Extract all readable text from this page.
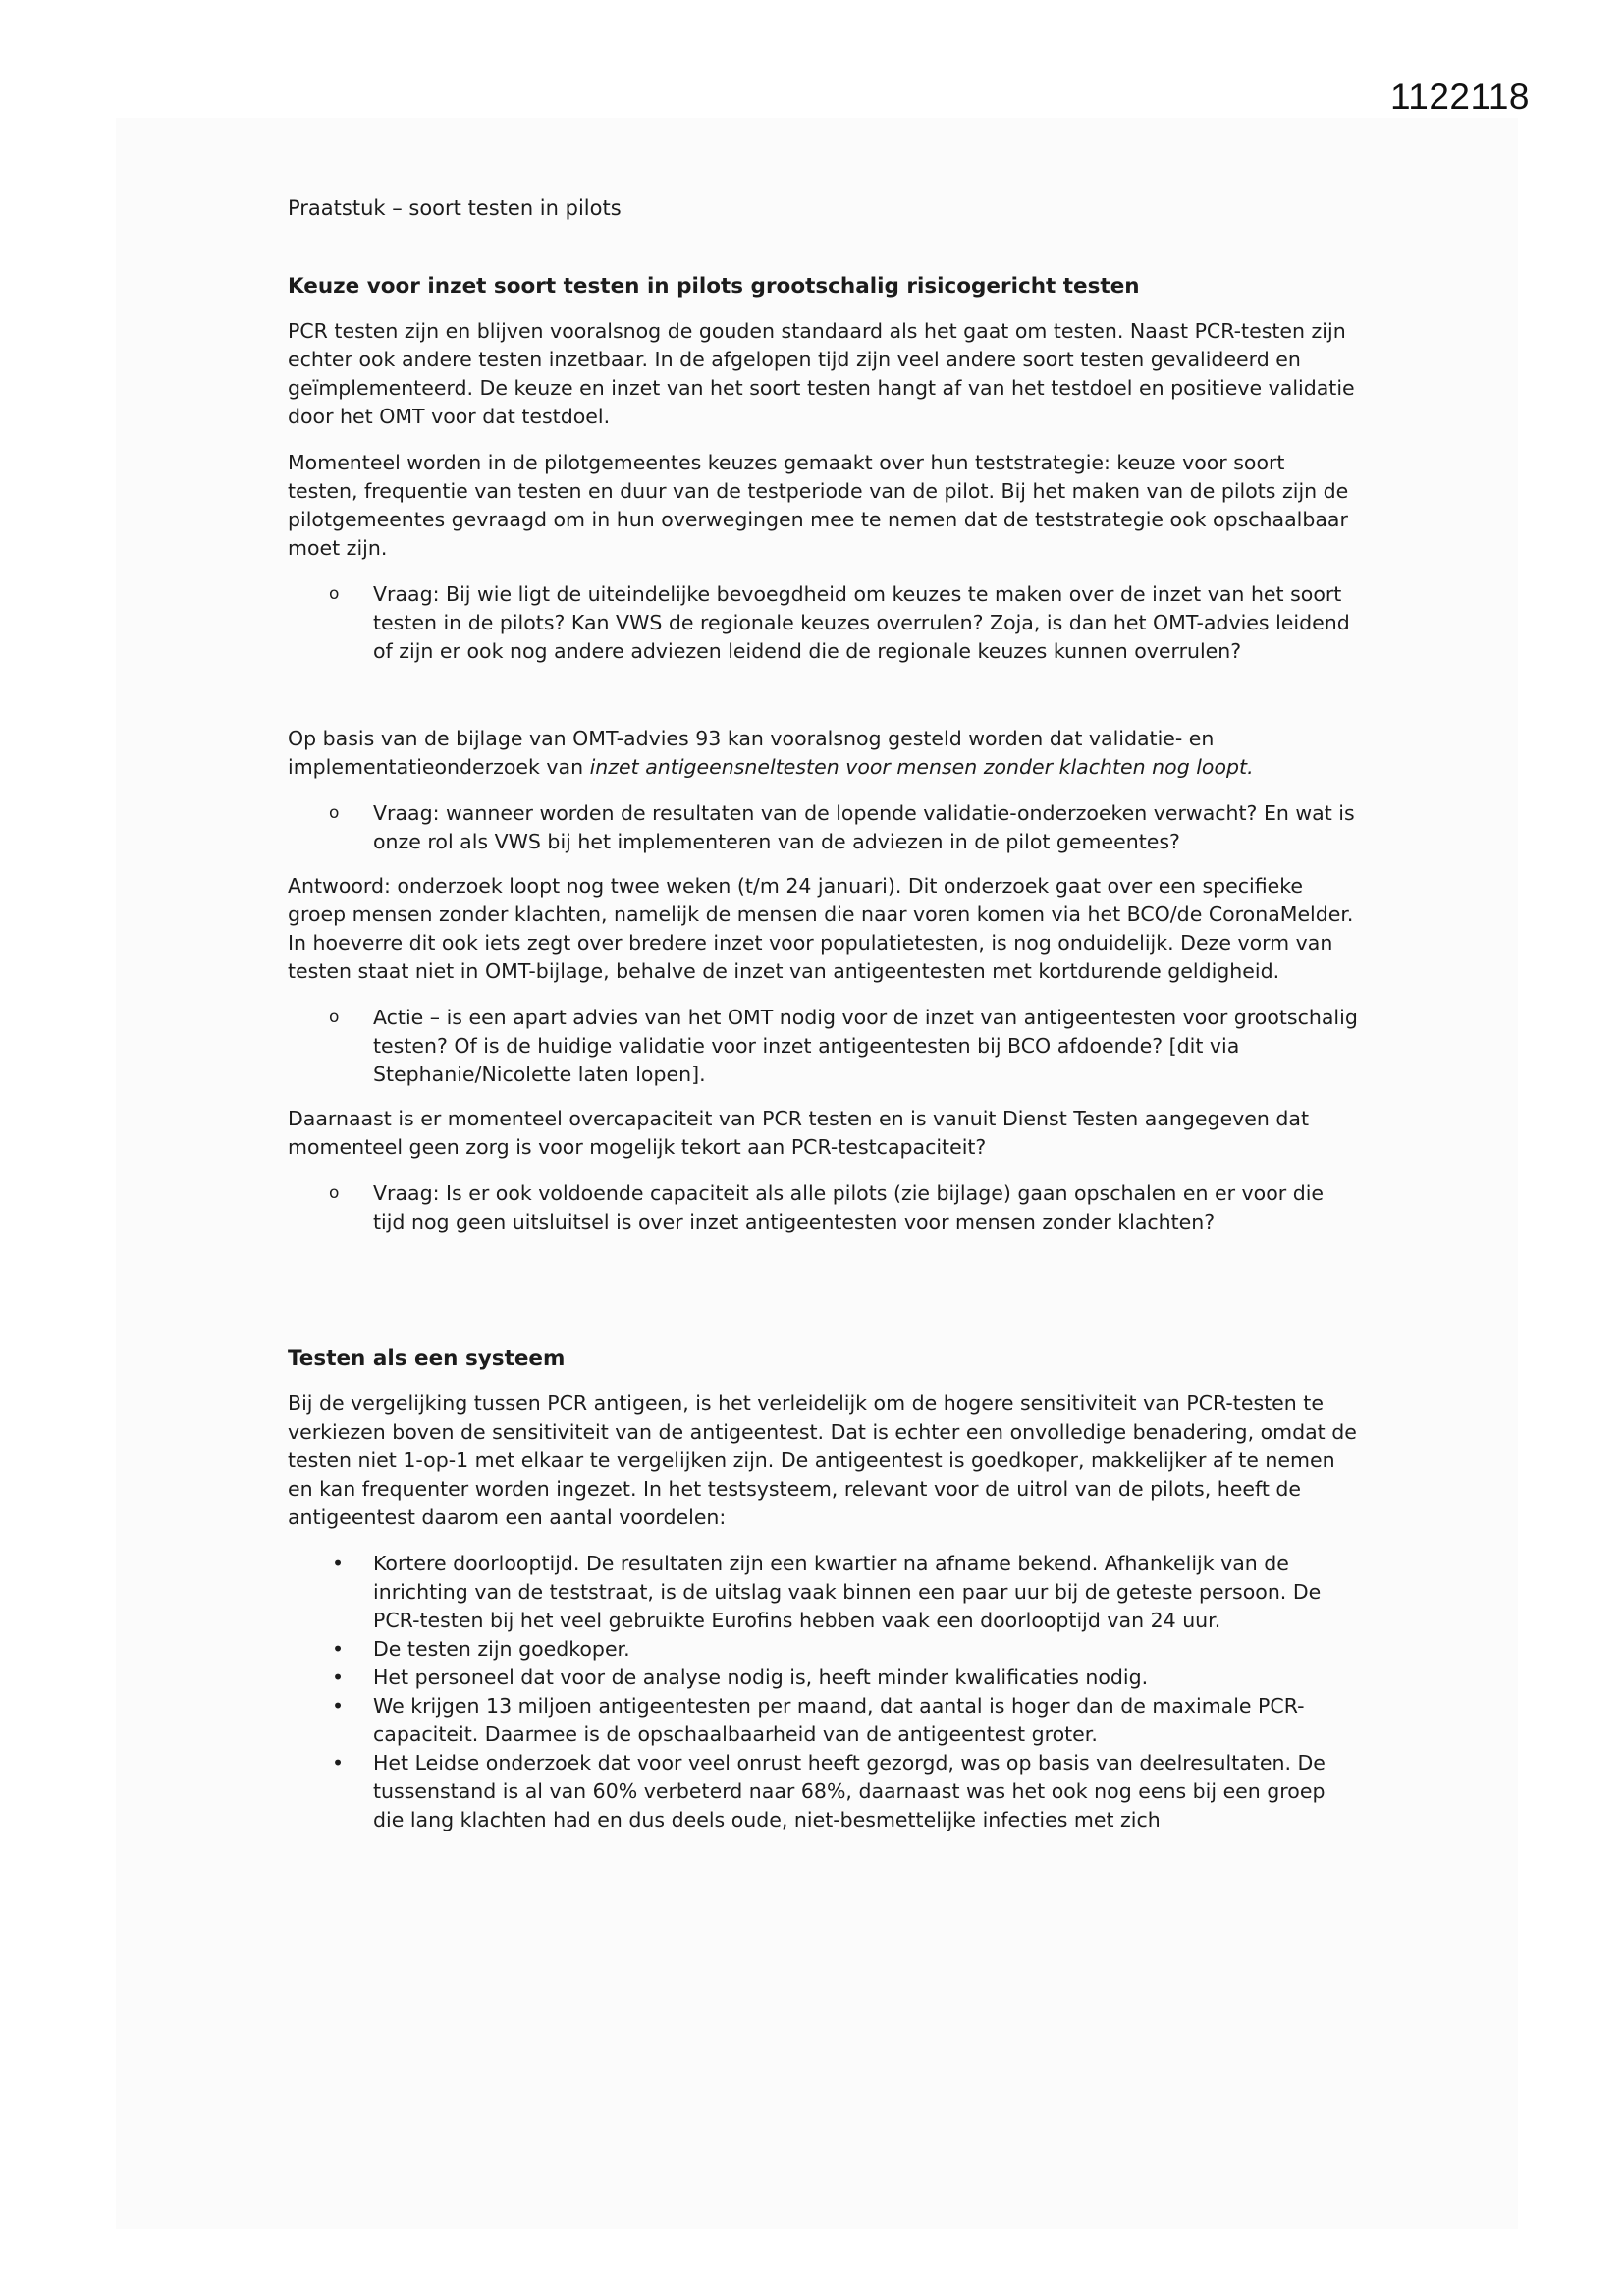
1122118
Praatstuk – soort testen in pilots
Keuze voor inzet soort testen in pilots grootschalig risicogericht testen

PCR testen zijn en blijven vooralsnog de gouden standaard als het gaat om testen. Naast PCR-testen zijn echter ook andere testen inzetbaar. In de afgelopen tijd zijn veel andere soort testen gevalideerd en geïmplementeerd. De keuze en inzet van het soort testen hangt af van het testdoel en positieve validatie door het OMT voor dat testdoel.

Momenteel worden in de pilotgemeentes keuzes gemaakt over hun teststrategie: keuze voor soort testen, frequentie van testen en duur van de testperiode van de pilot. Bij het maken van de pilots zijn de pilotgemeentes gevraagd om in hun overwegingen mee te nemen dat de teststrategie ook opschaalbaar moet zijn.

o	Vraag: Bij wie ligt de uiteindelijke bevoegdheid om keuzes te maken over de inzet van het soort testen in de pilots? Kan VWS de regionale keuzes overrulen? Zoja, is dan het OMT-advies leidend of zijn er ook nog andere adviezen leidend die de regionale keuzes kunnen overrulen?

Op basis van de bijlage van OMT-advies 93 kan vooralsnog gesteld worden dat validatie- en implementatieonderzoek van inzet antigeensneltesten voor mensen zonder klachten nog loopt.

o	Vraag: wanneer worden de resultaten van de lopende validatie-onderzoeken verwacht? En wat is onze rol als VWS bij het implementeren van de adviezen in de pilot gemeentes?

Antwoord: onderzoek loopt nog twee weken (t/m 24 januari). Dit onderzoek gaat over een specifieke groep mensen zonder klachten, namelijk de mensen die naar voren komen via het BCO/de CoronaMelder. In hoeverre dit ook iets zegt over bredere inzet voor populatietesten, is nog onduidelijk. Deze vorm van testen staat niet in OMT-bijlage, behalve de inzet van antigeentesten met kortdurende geldigheid.

o	Actie – is een apart advies van het OMT nodig voor de inzet van antigeentesten voor grootschalig testen? Of is de huidige validatie voor inzet antigeentesten bij BCO afdoende? [dit via Stephanie/Nicolette laten lopen].

Daarnaast is er momenteel overcapaciteit van PCR testen en is vanuit Dienst Testen aangegeven dat momenteel geen zorg is voor mogelijk tekort aan PCR-testcapaciteit?

o	Vraag: Is er ook voldoende capaciteit als alle pilots (zie bijlage) gaan opschalen en er voor die tijd nog geen uitsluitsel is over inzet antigeentesten voor mensen zonder klachten?
Testen als een systeem

Bij de vergelijking tussen PCR antigeen, is het verleidelijk om de hogere sensitiviteit van PCR-testen te verkiezen boven de sensitiviteit van de antigeentest. Dat is echter een onvolledige benadering, omdat de testen niet 1-op-1 met elkaar te vergelijken zijn. De antigeentest is goedkoper, makkelijker af te nemen en kan frequenter worden ingezet. In het testsysteem, relevant voor de uitrol van de pilots, heeft de antigeentest daarom een aantal voordelen:

•	Kortere doorlooptijd. De resultaten zijn een kwartier na afname bekend. Afhankelijk van de inrichting van de teststraat, is de uitslag vaak binnen een paar uur bij de geteste persoon. De PCR-testen bij het veel gebruikte Eurofins hebben vaak een doorlooptijd van 24 uur.
•	De testen zijn goedkoper.
•	Het personeel dat voor de analyse nodig is, heeft minder kwalificaties nodig.
•	We krijgen 13 miljoen antigeentesten per maand, dat aantal is hoger dan de maximale PCR-capaciteit. Daarmee is de opschaalbaarheid van de antigeentest groter.
•	Het Leidse onderzoek dat voor veel onrust heeft gezorgd, was op basis van deelresultaten. De tussenstand is al van 60% verbeterd naar 68%, daarnaast was het ook nog eens bij een groep die lang klachten had en dus deels oude, niet-besmettelijke infecties met zich
